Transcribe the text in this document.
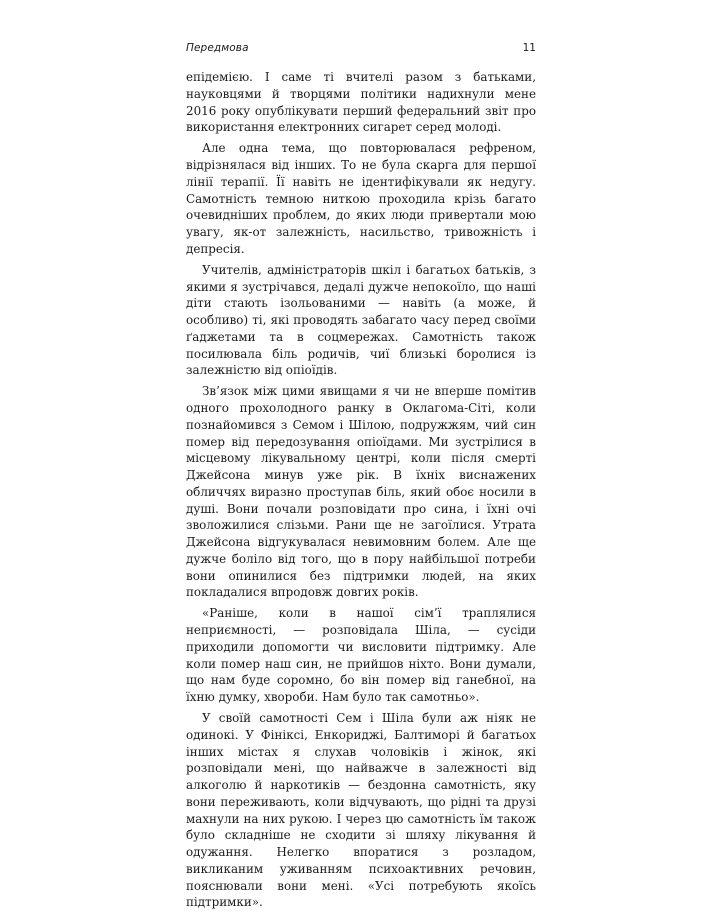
Передмова	11

епідемією. І саме ті вчителі разом з батьками, науковцями й творцями політики надихнули мене 2016 року опублікувати перший федеральний звіт про використання електронних сигарет серед молоді.

Але одна тема, що повторювалася рефреном, відрізнялася від інших. То не була скарга для першої лінії терапії. Її навіть не ідентифікували як недугу. Самотність темною ниткою проходила крізь багато очевидніших проблем, до яких люди привертали мою увагу, як-от залежність, насильство, тривожність і депресія.

Учителів, адміністраторів шкіл і багатьох батьків, з якими я зустрічався, дедалі дужче непокоїло, що наші діти стають ізольованими — навіть (а може, й особливо) ті, які проводять забагато часу перед своїми ґаджетами та в соцмережах. Самотність також посилювала біль родичів, чиї близькі боролися із залежністю від опіоїдів.

Зв’язок між цими явищами я чи не вперше помітив одного прохолодного ранку в Оклагома-Сіті, коли познайомився з Семом і Шілою, подружжям, чий син помер від передозування опіоїдами. Ми зустрілися в місцевому лікувальному центрі, коли після смерті Джейсона минув уже рік. В їхніх виснажених обличчях виразно проступав біль, який обоє носили в душі. Вони почали розповідати про сина, і їхні очі зволожилися слізьми. Рани ще не загоїлися. Утрата Джейсона відгукувалася невимовним болем. Але ще дужче боліло від того, що в пору найбільшої потреби вони опинилися без підтримки людей, на яких покладалися впродовж довгих років.

«Раніше, коли в нашої сім’ї траплялися неприємності, — розповідала Шіла, — сусіди приходили допомогти чи висловити підтримку. Але коли помер наш син, не прийшов ніхто. Вони думали, що нам буде соромно, бо він помер від ганебної, на їхню думку, хвороби. Нам було так самотньо».

У своїй самотності Сем і Шіла були аж ніяк не одинокі. У Фініксі, Енкориджі, Балтиморі й багатьох інших містах я слухав чоловіків і жінок, які розповідали мені, що найважче в залежності від алкоголю й наркотиків — бездонна самотність, яку вони переживають, коли відчувають, що рідні та друзі махнули на них рукою. І через цю самотність їм також було складніше не сходити зі шляху лікування й одужання. Нелегко впоратися з розладом, викликаним уживанням психоактивних речовин, пояснювали вони мені. «Усі потребують якоїсь підтримки».
